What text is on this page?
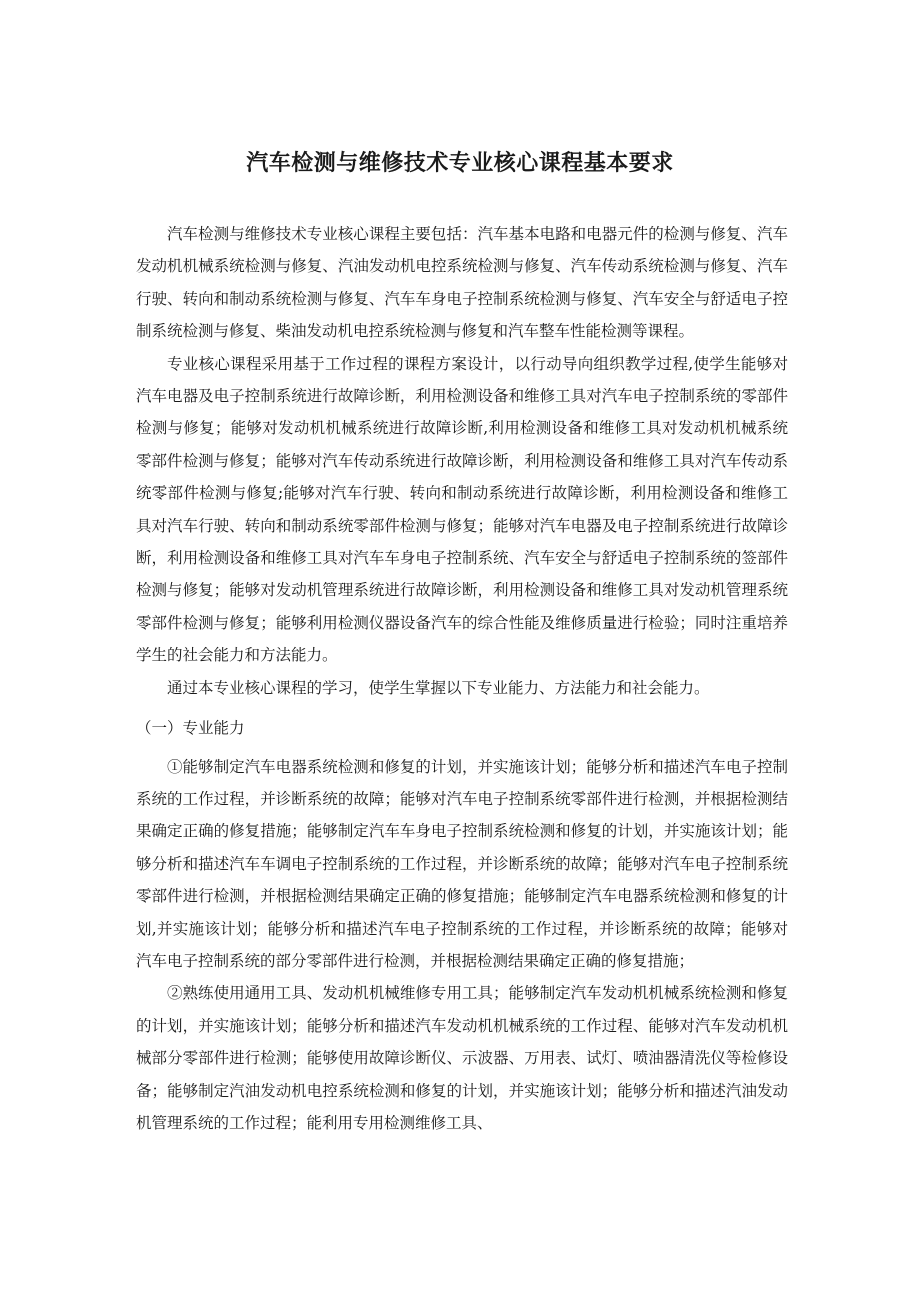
汽车检测与维修技术专业核心课程基本要求

汽车检测与维修技术专业核心课程主要包括：汽车基本电路和电器元件的检测与修复、汽车发动机机械系统检测与修复、汽油发动机电控系统检测与修复、汽车传动系统检测与修复、汽车行驶、转向和制动系统检测与修复、汽车车身电子控制系统检测与修复、汽车安全与舒适电子控制系统检测与修复、柴油发动机电控系统检测与修复和汽车整车性能检测等课程。

专业核心课程采用基于工作过程的课程方案设计，以行动导向组织教学过程,使学生能够对汽车电器及电子控制系统进行故障诊断，利用检测设备和维修工具对汽车电子控制系统的零部件检测与修复；能够对发动机机械系统进行故障诊断,利用检测设备和维修工具对发动机机械系统零部件检测与修复；能够对汽车传动系统进行故障诊断，利用检测设备和维修工具对汽车传动系统零部件检测与修复;能够对汽车行驶、转向和制动系统进行故障诊断，利用检测设备和维修工具对汽车行驶、转向和制动系统零部件检测与修复；能够对汽车电器及电子控制系统进行故障诊断，利用检测设备和维修工具对汽车车身电子控制系统、汽车安全与舒适电子控制系统的签部件检测与修复；能够对发动机管理系统进行故障诊断，利用检测设备和维修工具对发动机管理系统零部件检测与修复；能够利用检测仪器设备汽车的综合性能及维修质量进行检验；同时注重培养学生的社会能力和方法能力。

通过本专业核心课程的学习，使学生掌握以下专业能力、方法能力和社会能力。

（一）专业能力

①能够制定汽车电器系统检测和修复的计划，并实施该计划；能够分析和描述汽车电子控制系统的工作过程，并诊断系统的故障；能够对汽车电子控制系统零部件进行检测，并根据检测结果确定正确的修复措施；能够制定汽车车身电子控制系统检测和修复的计划，并实施该计划；能够分析和描述汽车车调电子控制系统的工作过程，并诊断系统的故障；能够对汽车电子控制系统零部件进行检测，并根据检测结果确定正确的修复措施；能够制定汽车电器系统检测和修复的计划,并实施该计划；能够分析和描述汽车电子控制系统的工作过程，并诊断系统的故障；能够对汽车电子控制系统的部分零部件进行检测，并根据检测结果确定正确的修复措施；

②熟练使用通用工具、发动机机械维修专用工具；能够制定汽车发动机机械系统检测和修复的计划，并实施该计划；能够分析和描述汽车发动机机械系统的工作过程、能够对汽车发动机机械部分零部件进行检测；能够使用故障诊断仪、示波器、万用表、试灯、喷油器清洗仪等检修设备；能够制定汽油发动机电控系统检测和修复的计划，并实施该计划；能够分析和描述汽油发动机管理系统的工作过程；能利用专用检测维修工具、
